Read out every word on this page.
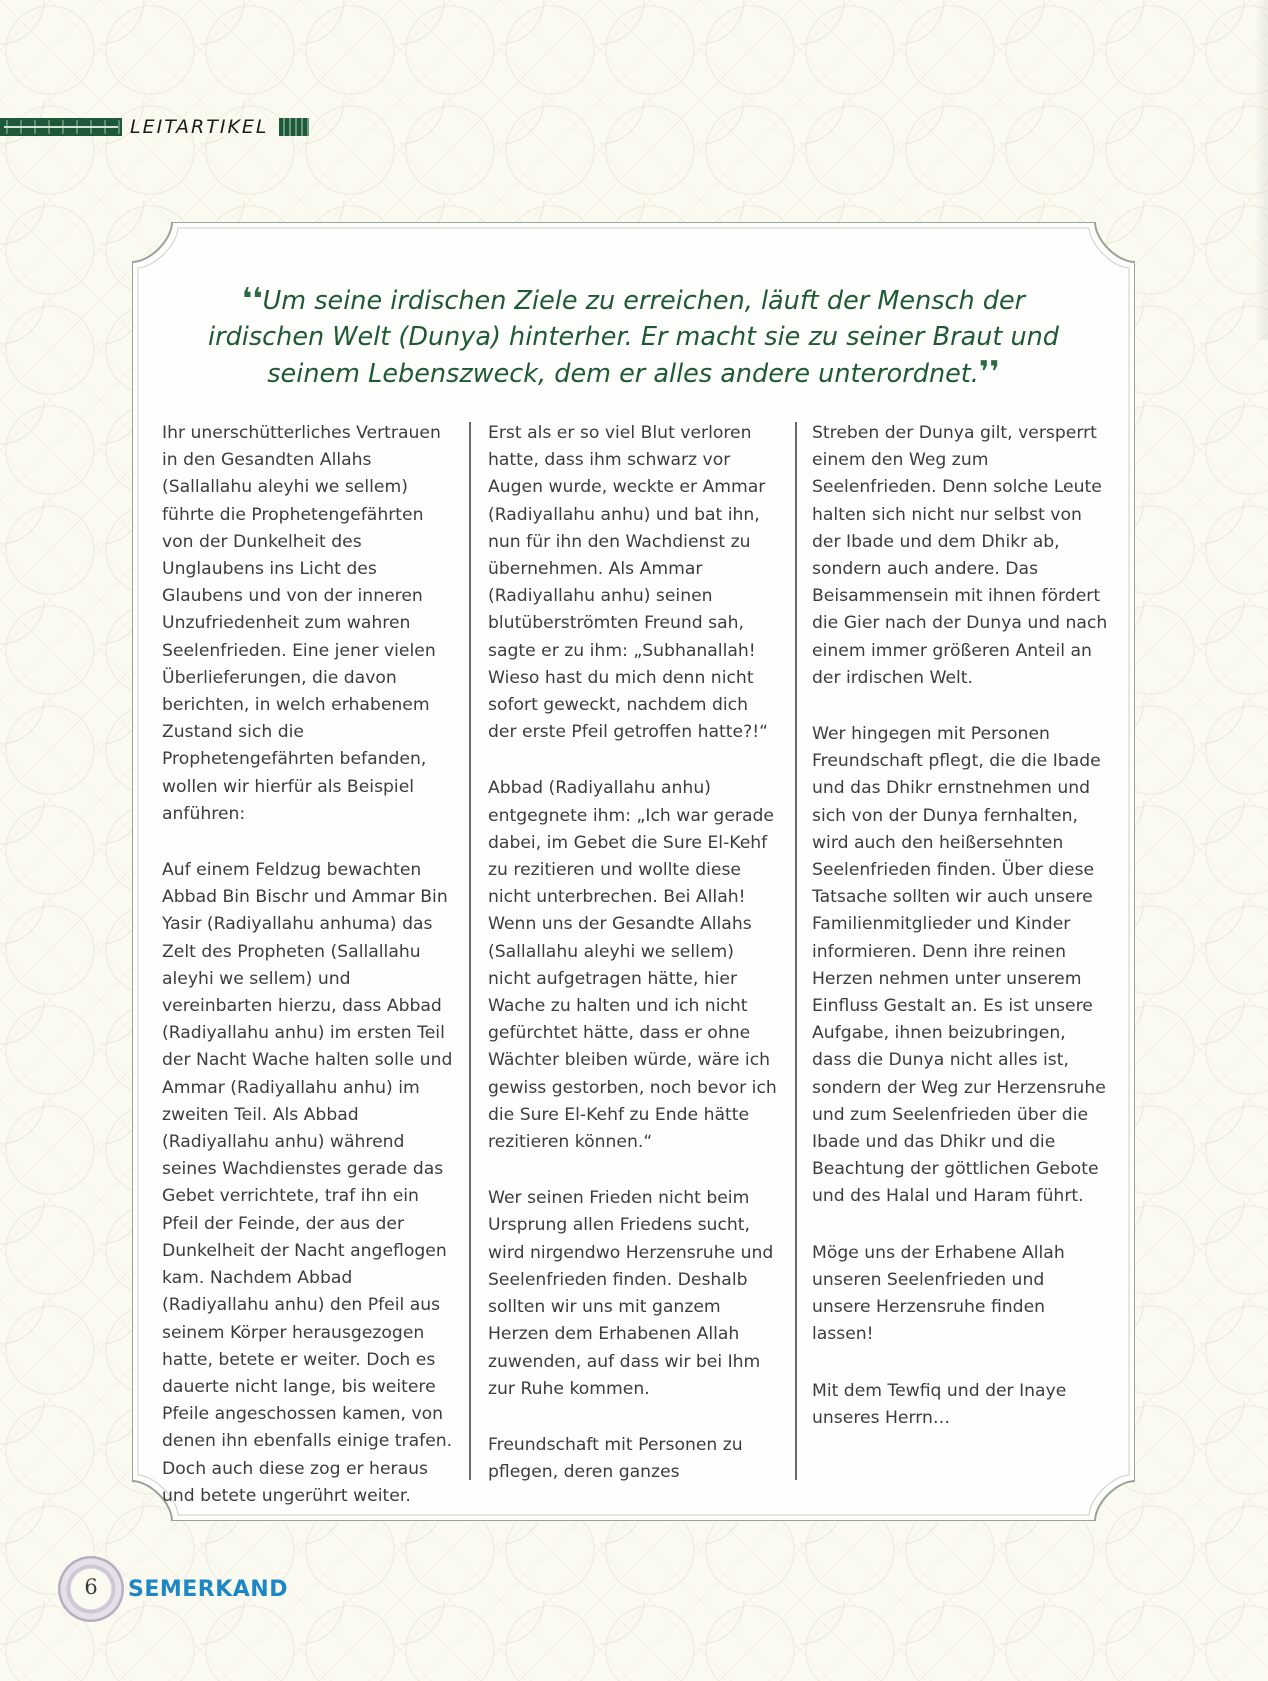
LEITARTIKEL

❛❛Um seine irdischen Ziele zu erreichen, läuft der Mensch der irdischen Welt (Dunya) hinterher. Er macht sie zu seiner Braut und seinem Lebenszweck, dem er alles andere unterordnet.❜❜

Ihr unerschütterliches Vertrauen in den Gesandten Allahs (Sallallahu aleyhi we sellem) führte die Prophetengefährten von der Dunkelheit des Unglaubens ins Licht des Glaubens und von der inneren Unzufriedenheit zum wahren Seelenfrieden. Eine jener vielen Überlieferungen, die davon berichten, in welch erhabenem Zustand sich die Prophetengefährten befanden, wollen wir hierfür als Beispiel anführen:

Auf einem Feldzug bewachten Abbad Bin Bischr und Ammar Bin Yasir (Radiyallahu anhuma) das Zelt des Propheten (Sallallahu aleyhi we sellem) und vereinbarten hierzu, dass Abbad (Radiyallahu anhu) im ersten Teil der Nacht Wache halten solle und Ammar (Radiyallahu anhu) im zweiten Teil. Als Abbad (Radiyallahu anhu) während seines Wachdienstes gerade das Gebet verrichtete, traf ihn ein Pfeil der Feinde, der aus der Dunkelheit der Nacht angeflogen kam. Nachdem Abbad (Radiyallahu anhu) den Pfeil aus seinem Körper herausgezogen hatte, betete er weiter. Doch es dauerte nicht lange, bis weitere Pfeile angeschossen kamen, von denen ihn ebenfalls einige trafen. Doch auch diese zog er heraus und betete ungerührt weiter.

Erst als er so viel Blut verloren hatte, dass ihm schwarz vor Augen wurde, weckte er Ammar (Radiyallahu anhu) und bat ihn, nun für ihn den Wachdienst zu übernehmen. Als Ammar (Radiyallahu anhu) seinen blutüberströmten Freund sah, sagte er zu ihm: „Subhanallah! Wieso hast du mich denn nicht sofort geweckt, nachdem dich der erste Pfeil getroffen hatte?!“

Abbad (Radiyallahu anhu) entgegnete ihm: „Ich war gerade dabei, im Gebet die Sure El-Kehf zu rezitieren und wollte diese nicht unterbrechen. Bei Allah! Wenn uns der Gesandte Allahs (Sallallahu aleyhi we sellem) nicht aufgetragen hätte, hier Wache zu halten und ich nicht gefürchtet hätte, dass er ohne Wächter bleiben würde, wäre ich gewiss gestorben, noch bevor ich die Sure El-Kehf zu Ende hätte rezitieren können.“

Wer seinen Frieden nicht beim Ursprung allen Friedens sucht, wird nirgendwo Herzensruhe und Seelenfrieden finden. Deshalb sollten wir uns mit ganzem Herzen dem Erhabenen Allah zuwenden, auf dass wir bei Ihm zur Ruhe kommen.

Freundschaft mit Personen zu pflegen, deren ganzes

Streben der Dunya gilt, versperrt einem den Weg zum Seelenfrieden. Denn solche Leute halten sich nicht nur selbst von der Ibade und dem Dhikr ab, sondern auch andere. Das Beisammensein mit ihnen fördert die Gier nach der Dunya und nach einem immer größeren Anteil an der irdischen Welt.

Wer hingegen mit Personen Freundschaft pflegt, die die Ibade und das Dhikr ernstnehmen und sich von der Dunya fernhalten, wird auch den heißersehnten Seelenfrieden finden. Über diese Tatsache sollten wir auch unsere Familienmitglieder und Kinder informieren. Denn ihre reinen Herzen nehmen unter unserem Einfluss Gestalt an. Es ist unsere Aufgabe, ihnen beizubringen, dass die Dunya nicht alles ist, sondern der Weg zur Herzensruhe und zum Seelenfrieden über die Ibade und das Dhikr und die Beachtung der göttlichen Gebote und des Halal und Haram führt.

Möge uns der Erhabene Allah unseren Seelenfrieden und unsere Herzensruhe finden lassen!

Mit dem Tewfiq und der Inaye unseres Herrn…

6	SEMERKAND
